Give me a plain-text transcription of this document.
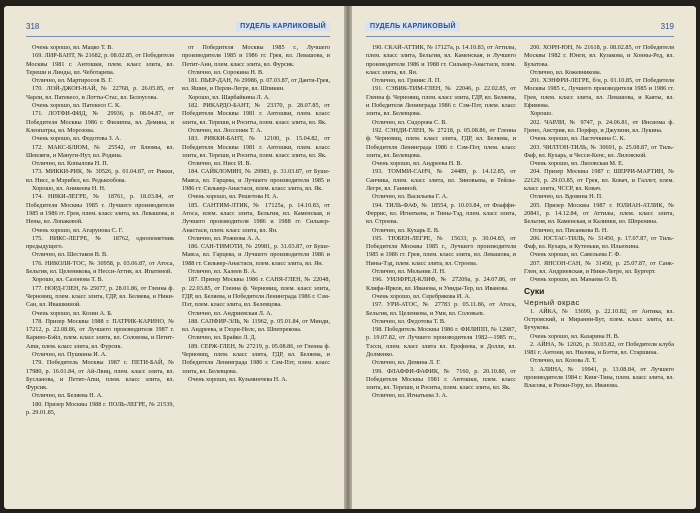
318	ПУДЕЛЬ КАРЛИКОВЫЙ

Очень хорошо, вл. Мацко Т. В.

169. ЛИР-БАНТ, № 21682, р. 08.02.85, от Победителя Москвы 1981 г. Антошки, плем. класс элита, вл. Тереши и Линды, вл. Чеботарева.

Отлично, вл. Мартиросов В. Г.

170. ЛОЙ-ДЖОН-НАЙ, № 22768, р. 26.05.85, от Чарли, вл. Патекесо, и Лотты-Стас, вл. Белоусова.

Очень хорошо, вл. Патекесо С. К.

171. ЛОТФИ-ФИД, № 29936, р. 08.04.87, от Победителя Москвы 1986 г. Филиппа, вл. Демина, и Клеопатры, вл. Морозова.

Очень хорошо, вл. Федотова З. А.

172. МАКС-БЛЮМ, № 25542, от Блюмы, вл. Шевляги, и Мануги-Нут, вл. Родина.

Отлично, вл. Копылова Н. П.

173. МИККИ-РИК, № 30526, р. 01.04.87, от Рикки, вл. Нисс, и Мэрибел, вл. Редькообова.

Хорошо, вл. Аникеева Н. Н.

174. НИКИ-ЛЕГРЕ, № 18761, р. 18.03.84, от Победителя Москвы 1985 г. Лучшего производителя 1985 и 1986 гг. Грея, плем. класс элита, вл. Левашова, и Нены, вл. Лопаковой.

Очень хорошо, вл. Агарунова С. Г.

175. НИКС-ЛЕГРЕ, № 18762, однопометник предыдущего.

Отлично, вл. Шестаков В. В.

176. НИКОЛЯ-ТОС, № 30958, р. 03.06.87, от Атоса, Бельгия, вл. Целеникова, и Несси-Аттик, вл. Ипатиной.

Хорошо, вл. Сазонова Т. В.

177. НОРД-ГЛЕН, № 25077, р. 28.01.86, от Гленна ф. Черновиц, плем. класс элита, ГДР, вл. Беляева, и Ники-Сан, вл. Ивашкиной.

Очень хорошо, вл. Козин А. Б.

178. Призер Москвы 1988 г. ПАТРИК-КАРИНО, № 17212, р. 22.08.86, от Лучшего производителя 1987 г. Карино-Бэйл, плем. класс элита, вл. Соловова, и Петит-Аmи, плем. класс элита, вл. Фурсик.

Отлично, вл. Пушкина И. А.

179. Победитель Москвы 1987 г. ПЕТИ-БАЙ, № 17980, р. 16.01.84, от Ай-Лвиц, плем. класс элита, вл. Бусланова, и Петит-Аmи, плем. класс элита, вл. Фурсик.

Отлично, вл. Беляева Н. А.

180. Призер Москвы 1988 г. ПОЛЬ-ЛЕГРЕ, № 21539, р. 29.01.85,

от Победителя Москвы 1985 г., Лучшего производителя 1985 и 1986 гг. Грея, вл. Левашова, и Петит-Анн, плем. класс элита, вл. Фурсик.

Отлично, вл. Сорокина Н. В.

181. ПЬЕР-ДАН, № 29986, р. 07.03.87, от Данти-Грея, вл. Яшин, и Перли-Легре, вл. Шпикин.

Хорошо, вл. Шарбайкина Л. А.

182. РИКАРДО-БАНТ, № 23370, р. 28.07.85, от Победителя Москвы 1981 г. Антошки, плем. класс элита, вл. Тереши, и Роситы, плем. класс элита, вл. Як.

Отлично, вл. Лоссеник Т. А.

183. РИККИ-БАНТ, № 12100, р. 15.04.82, от Победителя Москвы 1981 г. Антошки, плем. класс элита, вл. Тереши, и Роситы, плем. класс элита, вл. Як.

Отлично, вл. Нисс И. В.

184. САЙКЛОМИН, № 29983, р. 31.03.87, от Буше-Мавса, вл. Гарцева, и Лучшего производителя 1985 и 1986 гг. Сильвер-Анастаси, плем. класс элита, вл. Як.

Очень хорошо, вл. Решетова Н. А.

185. САНТИМ-ЛТИК, № 17125а, р. 14.10.83, от Атоса, плем. класс элита, Бельгия, вл. Каменская, и Лучшего производителя 1986 и 1988 гг. Сильвер-Анастаси, плем. класс элита, вл. Ян.

Отлично, вл. Рожнова А. А.

186. САН-ТИМОТИ, № 29981, р. 31.03.87, от Буше-Мавса, вл. Гарцева, и Лучшего производителя 1986 и 1988 гг. Сильвер-Анастаси, плем. класс элита, вл. Ян.

Отлично, вл. Халеев В. А.

187. Призер Москвы 1986 г. САНЯ-ГЛЕН, № 22048, р. 22.03.85, от Гленна ф. Черновиц, плем. класс элита, ГДР, вл. Беляева, и Победителя Ленинграда 1986 г. Сэм-Пэт, плем. класс элита, вл. Белевцова.

Отлично, вл. Андриевская Л. А.

188. САПФИР-ЭЛЬ, № 11962, р. 05.01.84, от Минди, вл. Андреева, и Глори-Нелс, вл. Шпепрекова.

Отлично, вл. Брайко Л. Д.

189. СЕРЖ-ГЛЕН, № 27219, р. 05.08.86, от Гленна ф. Черновиц, плем. класс элита, ГДР, вл. Беляева, и Победителя Ленинграда 1986 г. Сэм-Пэт, плем. класс элита, вл. Белевцова.

Очень хорошо, вл. Кузьминчева Н. А.

ПУДЕЛЬ КАРЛИКОВЫЙ	319

190. СКАЙ-АТТИК, № 17127а, р. 14.10.83, от Аттилы, плем. класс элита, Бельгия, вл. Каменская, и Лучшего производителя 1986 и 1988 гг. Сильвер-Анастаси, плем. класс элита, вл. Ян.

Отлично, вл. Гринис Л. П.

191. СЭВИК-ТИМ-ГЛЕН, № 22046, р. 22.02.85, от Гленна ф. Черновиц, плем. класс элита, ГДР, вл. Беляева, и Победителя Ленинграда 1986 г. Сэм-Пэт, плем. класс элита, вл. Белевцова.

Отлично, вл. Сидорова С. В.

192. СЭНДИ-ГЛЕН, № 27218, р. 05.08.86, от Гленна ф. Черновиц, плем. класс элита, ГДР, вл. Беляева, и Победителя Ленинграда 1986 г. Сэм-Пэт, плем. класс элита, вл. Белевцова.

Очень хорошо, вл. Андреева Н. В.

193. ТОММИ-САНЧ, № 24489, р. 14.12.85, от Санчика, плем. класс элита, вл. Зиновьева, и Тейлы-Легре, вл. Ганиной.

Отлично, вл. Васильева Г. А.

194. ТИЛЬ-ФАФ, № 18554, р. 10.03.84, от Флаффи-Феррис, вл. Игнатьева, и Тины-Тэд, плем. класс элита, вл. Строева.

Отлично, вл. Кухарь Е. В.

195. ТЮБЕН-ЛЕГРЕ, № 15633, р. 30.04.83, от Победителя Москвы 1985 г., Лучшего производителя 1985 и 1986 гг. Грея, плем. класс элита, вл. Левашова, и Нины-Тэд, плем. класс элита, вл. Строева.

Отлично, вл. Мельник Л. Н.

196. УИЛФРЕД-КЛИФ, № 27209а, р. 24.07.86, от Клифа-Ирков, вл. Иванова, и Униды-Тер, вл. Иванова.

Очень хорошо, вл. Серебрякова И. А.

197. УРИ-АТОС, № 27783 р. 05.11.86, от Атоса, Бельгия, вл. Целенкова, и Уми, вл. Соловьев.

Отлично, вл. Федотова Т. В.

198. Победитель Москвы 1986 г. ФИЛИПП, № 12987, р. 19.07.82, от Лучшего производителя 1982—1985 гг., Тэсси, плем. класс элита вл. Ерофеева, и Долли, вл. Долменко.

Отлично, вл. Демина Л. Г.

199. ФЛАФФИ-ФАФИК, № 7160, р. 20.10.80, от Победителя Москвы 1981 г. Антошки, плем. класс элита, вл. Тереши, и Роситы, плем. класс элита, вл. Як.

Отлично, вл. Игнатьева З. А.

200. ХОРН-ЮН, № 21618, р. 08.02.85, от Победителя Москвы 1982 г. Юнги, вл. Кузакова, и Хонны-Ред, вл. Булатова.

Отлично, вл. Кожевникова.

201. ХЭНФРИ-ЛЕГРЕ, б/н, р. 01.10.85, от Победителя Москвы 1985 г., Лучшего производителя 1985 и 1986 гг. Грея, плем. класс элита, вл. Левашова, и Каяты, вл. Ефимова.

Хорошо.

202. ЧАРЛИ, № 9747, р. 24.06.81, от Инсиома ф. Грено, Австрия, вл. Порфер, и Джузини, вл. Лукина.

Очень хорошо, вл. Ласточкина С. К.

203. ЧИЛТОН-ТИЛЬ, № 30691, р. 25.08.87, от Тиль-Фаф, вл. Кухарь, и Чесси-Кенс, вл. Лиловской.

Очень хорошо, вл. Лиловская М. Е.

204. Призер Москвы 1987 г. ШЕРРИ-МАРТИН, № 22129, р. 29.03.85, от Грея, вл. Ковач, и Галлет, плем. класс элита, ЧССР, вл. Ковач.

Отлично, вл. Вдовина Н. П.

205. Призер Москвы 1987 г. ЮЛИАН-АТЛИК, № 20841, р. 14.12.84, от Аттилы, плем. класс элита, Бельгия, вл. Каменская, и Калинки, вл. Шпренина.

Отлично, вл. Писанкова В. Н.

206. ЮСТАС-ТИЛЬ, № 31450, р. 17.07.87, от Тиль-Фаф, вл. Кухарь, и Кутеньки, вл. Ильюхина.

Очень хорошо, вл. Савельева Г. Ф.

207. ЯНСОН-САН, № 31450, р. 25.07.87, от Санк-Глен, вл. Андриевская, и Ники-Легре, вл. Бургерт.

Очень хорошо, вл. Манаева О. В.

Суки

Черный окрас

1. АЙКА, № 13699, р. 22.10.82, от Антика, вл. Островский, и Миранни-Бут, плем. класс элита, вл. Бучукова.

Очень хорошо, вл. Казарина Н. В.

2. АЙНА, № 12026, р. 30.03.82, от Победителя клуба 1981 г. Антони, вл. Нилова, и Бэтти, вл. Старшина.

Отлично, вл. Козова Л. Т.

3. АЛИНА, № 19941, р. 13.08.84, от Лучшего производителя 1984 г. Кинг-Тина, плем. класс элита, вл. Власова, и Ролки-Гору, вл. Иванова.
